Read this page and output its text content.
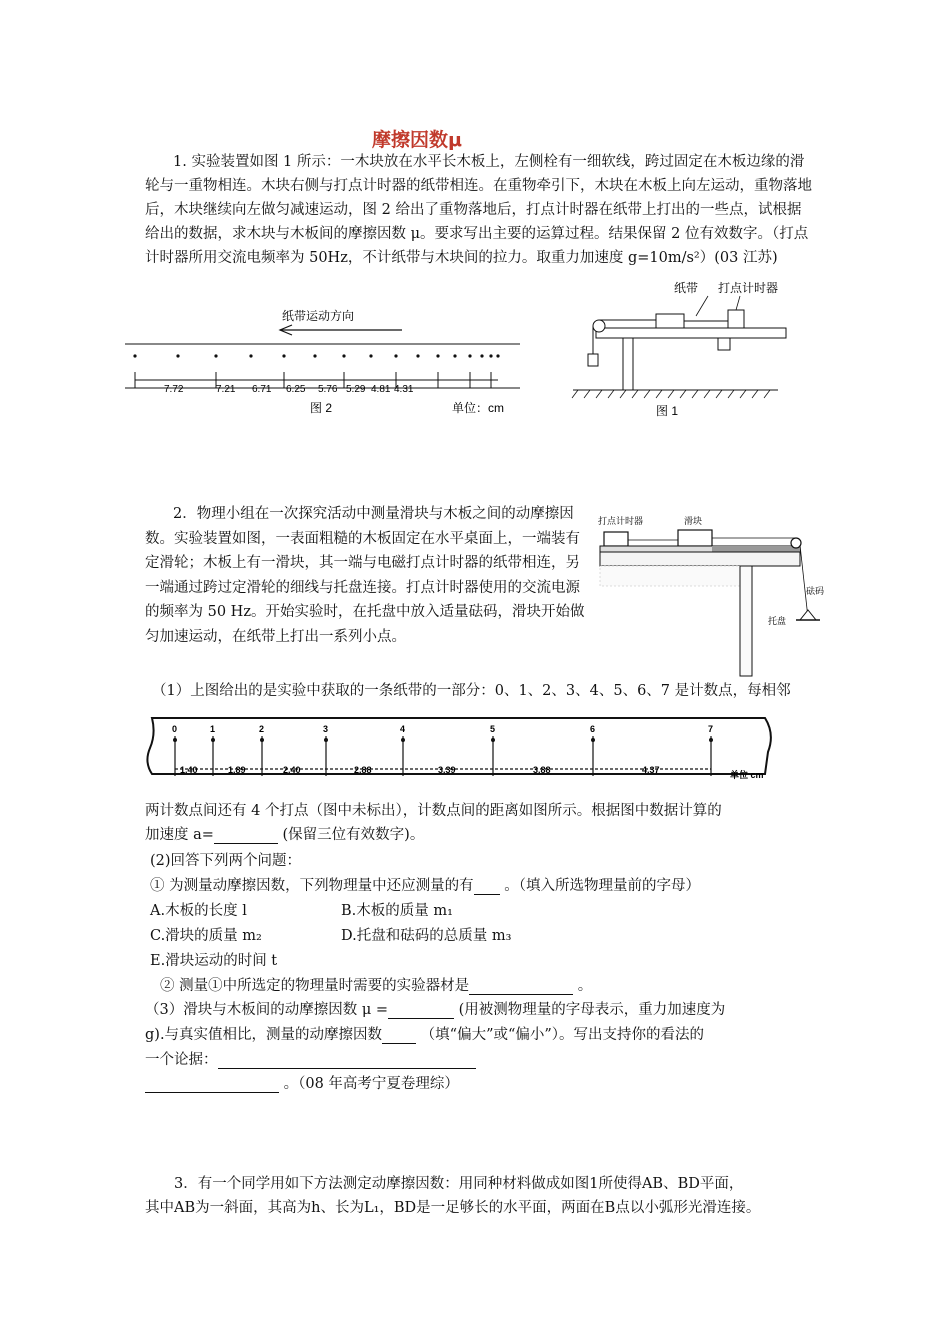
摩擦因数μ
1. 实验装置如图 1 所示：一木块放在水平长木板上，左侧栓有一细软线，跨过固定在木板边缘的滑轮与一重物相连。木块右侧与打点计时器的纸带相连。在重物牵引下，木块在木板上向左运动，重物落地后，木块继续向左做匀减速运动，图 2 给出了重物落地后，打点计时器在纸带上打出的一些点，试根据给出的数据，求木块与木板间的摩擦因数 μ。要求写出主要的运算过程。结果保留 2 位有效数字。（打点计时器所用交流电频率为 50Hz，不计纸带与木块间的拉力。取重力加速度 g=10m/s²）(03 江苏)
纸带运动方向
7.72	7.21 6.71 6.25 5.76 5.29 4.81 4.31
图 2	单位：cm
纸带 打点计时器
图 1
2．物理小组在一次探究活动中测量滑块与木板之间的动摩擦因数。实验装置如图，一表面粗糙的木板固定在水平桌面上，一端装有定滑轮；木板上有一滑块，其一端与电磁打点计时器的纸带相连，另一端通过跨过定滑轮的细线与托盘连接。打点计时器使用的交流电源的频率为 50 Hz。开始实验时，在托盘中放入适量砝码，滑块开始做匀加速运动，在纸带上打出一系列小点。
打点计时器	滑块
砝码
托盘
（1）上图给出的是实验中获取的一条纸带的一部分：0、1、2、3、4、5、6、7 是计数点，每相邻
0	1	2	3	4	5	6	7
1.40	1.89	2.40	2.88	3.39	3.88	4.37	单位 cm
两计数点间还有 4 个打点（图中未标出），计数点间的距离如图所示。根据图中数据计算的
加速度 a=	(保留三位有效数字)。
(2)回答下列两个问题：
① 为测量动摩擦因数，下列物理量中还应测量的有 。（填入所选物理量前的字母）
A.木板的长度 l	B.木板的质量 m₁
C.滑块的质量 m₂	D.托盘和砝码的总质量 m₃
E.滑块运动的时间 t
② 测量①中所选定的物理量时需要的实验器材是	。
（3）滑块与木板间的动摩擦因数 μ =	(用被测物理量的字母表示，重力加速度为
g).与真实值相比，测量的动摩擦因数	（填“偏大”或“偏小”）。写出支持你的看法的
一个论据：
。（08 年高考宁夏卷理综）
3．有一个同学用如下方法测定动摩擦因数：用同种材料做成如图1所使得AB、BD平面，
其中AB为一斜面，其高为h、长为L₁，BD是一足够长的水平面，两面在B点以小弧形光滑连接。
